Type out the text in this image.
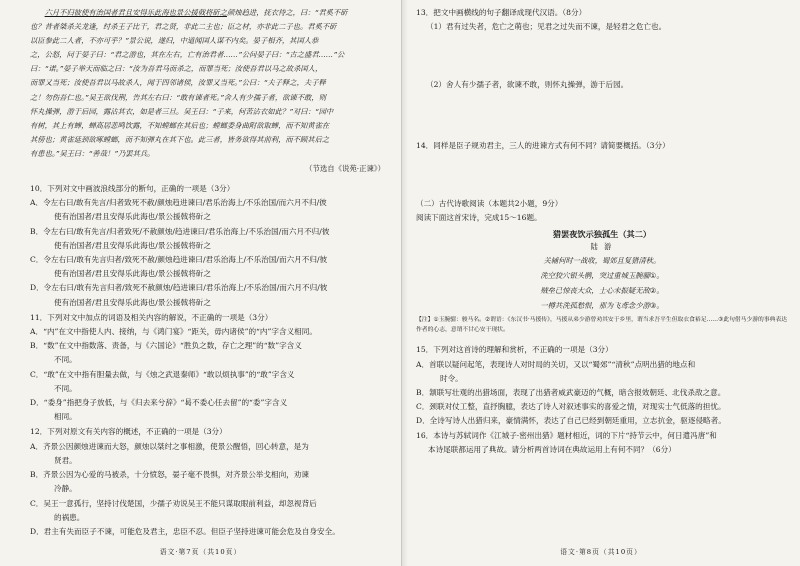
六月不归彼使有治国者君且安得乐此海也景公援戟将斫之颜烛趋进，抚衣待之，曰：“君奚不斫

也？昔者桀杀关龙逢，纣杀王子比干，君之贤，非此二主也；臣之材，亦非此二子也。君奚不斫

以臣参此二人者，不亦可乎？”景公说，遂归，中道闻国人谋不内矣。晏子相齐，其国人恭

之，公怒，问于晏子曰：“君之游也，其在左右，亡有治君者……”公问晏子曰：“古之盛君……”公

曰：“诺。”晏子举天而临之曰：“汝为吾君马而杀之，而罪当死；汝使吾君以马之故杀国人，

而罪又当死；汝使吾君以马故杀人，闻于四邻诸侯，汝罪又当死。”公曰：“夫子释之，夫子释

之！勿伤吾仁也。”吴王欲伐荆，告其左右曰：“敢有谏者死。”舍人有少孺子者，欲谏不敢，则

怀丸操弹，游于后园，露沾其衣，如是者三旦。吴王曰：“子来，何苦沾衣如此？”对曰：“园中

有树，其上有蝉，蝉高居悲鸣饮露，不知螳螂在其后也；螳螂委身曲附欲取蝉，而不知黄雀在

其傍也；黄雀延颈欲啄螳螂，而不知弹丸在其下也。此三者，皆务欲得其前利，而不顾其后之

有患也。”吴王曰：“善哉！”乃罢其兵。

（节选自《说苑·正谏》）

10．下列对文中画波浪线部分的断句，正确的一项是（3分）

A．令左右曰/敢有先言/归者致死不赦/颜烛趋进谏曰/君乐治海上/不乐治国/而六月不归/彼
使有治国者/君且安得乐此海也/景公援戟将斫之

B．令左右曰/敢有先言/归者致死/不赦颜烛/趋进谏曰/君乐治海上/不乐治国/而六月不归/彼
使有治国者/君且安得乐此海也/景公援戟将斫之

C．令左右曰/敢有先言归者/致死不赦/颜烛趋进谏曰/君乐治海上/不乐治国/而六月不归/彼
使有治国者/君且安得乐此海也/景公援戟将斫之

D．令左右曰/敢有先言归者/致死不赦颜烛/趋进谏曰/君乐治海上/不乐治国/而六月不归/彼
使有治国者/君且安得乐此海也/景公援戟将斫之

11．下列对文中加点的词语及相关内容的解说，不正确的一项是（3分）

A．“内”在文中指使人内、接纳，与《鸿门宴》“距关，毋内诸侯”的“内”字含义相同。

B．“数”在文中指数落、责备，与《六国论》“胜负之数，存亡之理”的“数”字含义
不同。

C．“敢”在文中指有胆量去做，与《烛之武退秦师》“敢以烦执事”的“敢”字含义
不同。

D．“委身”指把身子放低，与《归去来兮辞》“曷不委心任去留”的“委”字含义
相同。

12．下列对原文有关内容的概述，不正确的一项是（3分）

A．齐景公因颜烛进谏而大怒，颜烛以桀纣之事相激，使景公醒悟，回心转意，是为
贤君。

B．齐景公因为心爱的马被杀，十分愤怒，晏子毫不畏惧，对齐景公举戈相向，劝谏
冷静。

C．吴王一意孤行，坚持讨伐楚国，少孺子劝说吴王不能只谋取眼前利益，却忽视背后
的祸患。

D．君主有失而臣子不谏，可能危及君主，忠臣不忍。但臣子坚持进谏可能会危及自身安全。

语文·第7页（共10页）

13．把文中画横线的句子翻译成现代汉语。（8分）

（1）君有过失者，危亡之萌也；见君之过失而不谏，是轻君之危亡也。

（2）舍人有少孺子者，欲谏不敢，则怀丸操弹，游于后园。

14．同样是臣子规劝君主，三人的进谏方式有何不同？请简要概括。（3分）

（二）古代诗歌阅读（本题共2小题，9分）

阅读下面这首宋诗，完成15～16题。

猎罢夜饮示独孤生（其二）

陆 游

关辅何时一战收，蜀郊且复猎清秋。

洗空狡穴银头鹘，突过重城玉腕骝①。

贼垒已惊丧大众，士心未振疑无敌②。

一樽共洗孤愁恨，那为飞鸢念少游③。

【注】①玉腕骝：骏马名。②谓语：《东汉书·马援传》，马援从弟少游曾劝其安于乡里，谓当求吾平生但取衣食裕足……③此句借马少游的事典表达作者的心志，意谓不甘心安于现状。

15．下列对这首诗的理解和赏析，不正确的一项是（3分）

A．首联以疑问起笔，表现诗人对时局的关切，又以“蜀郊”“清秋”点明出猎的地点和
时令。

B．颔联写壮观的出猎场面，表现了出猎者威武豪迈的气概，暗含报效朝廷、北伐杀敌之意。

C．颈联对仗工整，直抒胸臆，表达了诗人对叙述事实的喜爱之情，对现实士气低落的担忧。

D．全诗写诗人出猎归来，豪情满怀，表达了自己已经到朝廷重用，立志抗金，驱逐侵略者。

16．本诗与苏轼词作《江城子·密州出猎》题材相近，词的下片“持节云中，何日遣冯唐”和
本诗尾联都运用了典故。请分析两首诗词在典故运用上有何不同？（6分）

语文·第8页（共10页）
